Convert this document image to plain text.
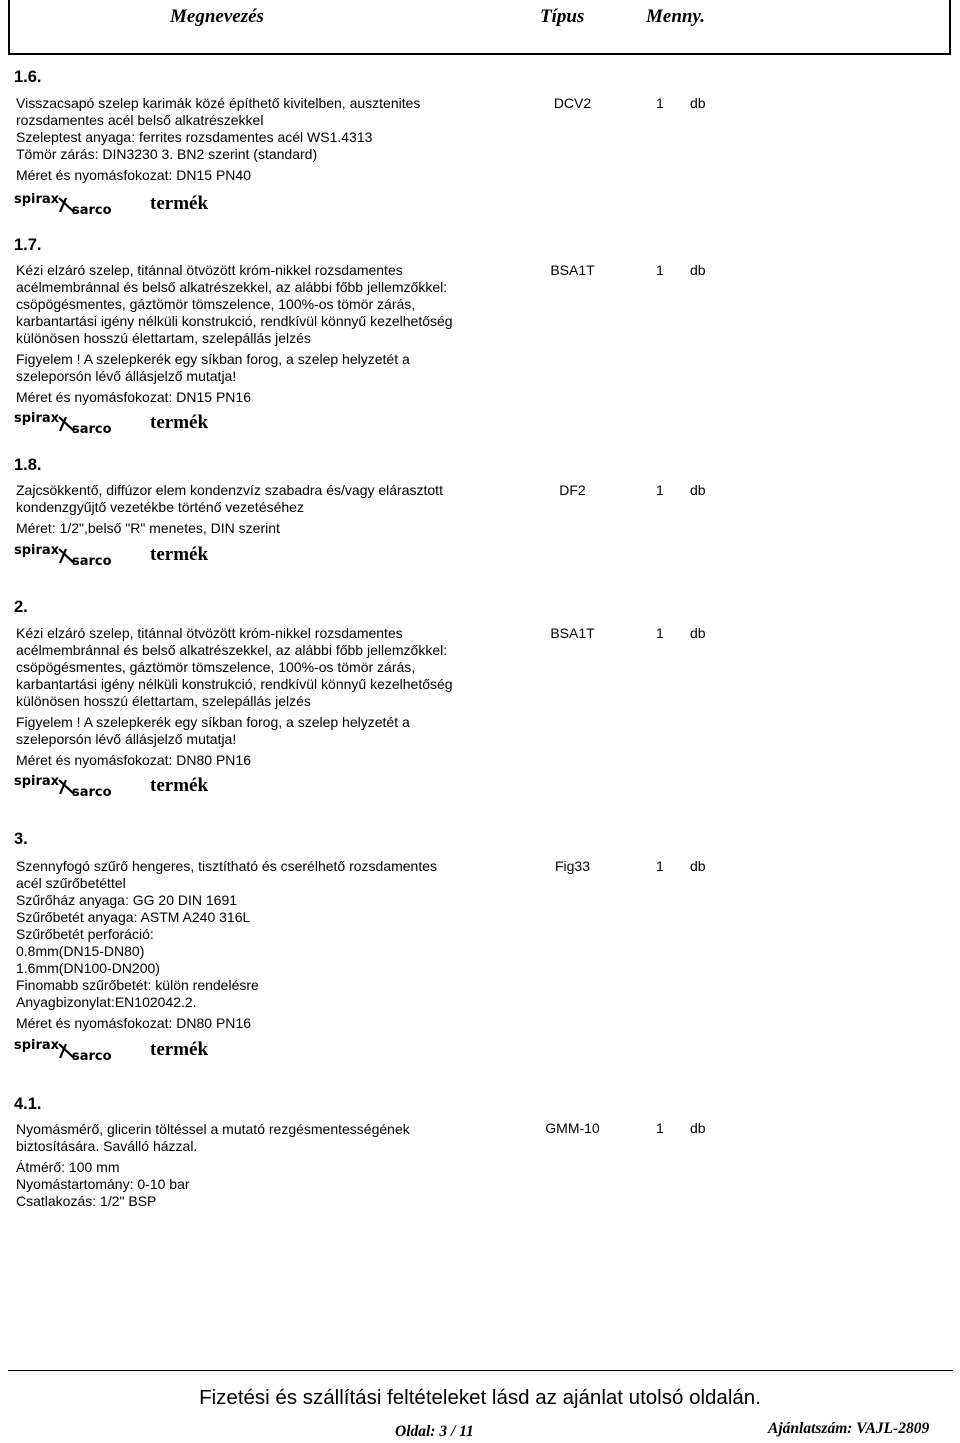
Megnevezés	Típus	Menny.
1.6.
Visszacsapó szelep karimák közé építhető kivitelben, ausztenites
rozsdamentes acél belső alkatrészekkel
Szeleptest anyaga: ferrites rozsdamentes acél WS1.4313
Tömör zárás: DIN3230 3. BN2 szerint (standard)
Méret és nyomásfokozat: DN15 PN40
DCV2	1 db
spirax
sarco termék
1.7.
Kézi elzáró szelep, titánnal ötvözött króm-nikkel rozsdamentes
acélmembránnal és belső alkatrészekkel, az alábbi főbb jellemzőkkel:
csöpögésmentes, gáztömör tömszelence, 100%-os tömör zárás,
karbantartási igény nélküli konstrukció, rendkívül könnyű kezelhetőség
különösen hosszú élettartam, szelepállás jelzés
Figyelem ! A szelepkerék egy síkban forog, a szelep helyzetét a
szeleporsón lévő állásjelző mutatja!
Méret és nyomásfokozat: DN15 PN16
BSA1T	1 db
spirax
sarco termék
1.8.
Zajcsökkentő, diffúzor elem kondenzvíz szabadra és/vagy elárasztott
kondenzgyűjtő vezetékbe történő vezetéséhez
Méret: 1/2",belső "R" menetes, DIN szerint
DF2	1 db
spirax
sarco termék
2.
Kézi elzáró szelep, titánnal ötvözött króm-nikkel rozsdamentes
acélmembránnal és belső alkatrészekkel, az alábbi főbb jellemzőkkel:
csöpögésmentes, gáztömör tömszelence, 100%-os tömör zárás,
karbantartási igény nélküli konstrukció, rendkívül könnyű kezelhetőség
különösen hosszú élettartam, szelepállás jelzés
Figyelem ! A szelepkerék egy síkban forog, a szelep helyzetét a
szeleporsón lévő állásjelző mutatja!
Méret és nyomásfokozat: DN80 PN16
BSA1T	1 db
spirax
sarco termék
3.
Szennyfogó szűrő hengeres, tisztítható és cserélhető rozsdamentes
acél szűrőbetéttel
Szűrőház anyaga: GG 20 DIN 1691
Szűrőbetét anyaga: ASTM A240 316L
Szűrőbetét perforáció:
0.8mm(DN15-DN80)
1.6mm(DN100-DN200)
Finomabb szűrőbetét: külön rendelésre
Anyagbizonylat:EN102042.2.
Méret és nyomásfokozat: DN80 PN16
Fig33	1 db
spirax
sarco termék
4.1.
Nyomásmérő, glicerin töltéssel a mutató rezgésmentességének
biztosítására. Saválló házzal.
Átmérő: 100 mm
Nyomástartomány: 0-10 bar
Csatlakozás: 1/2" BSP
GMM-10	1 db
Fizetési és szállítási feltételeket lásd az ajánlat utolsó oldalán.
Oldal: 3 / 11	Ajánlatszám: VAJL-2809
